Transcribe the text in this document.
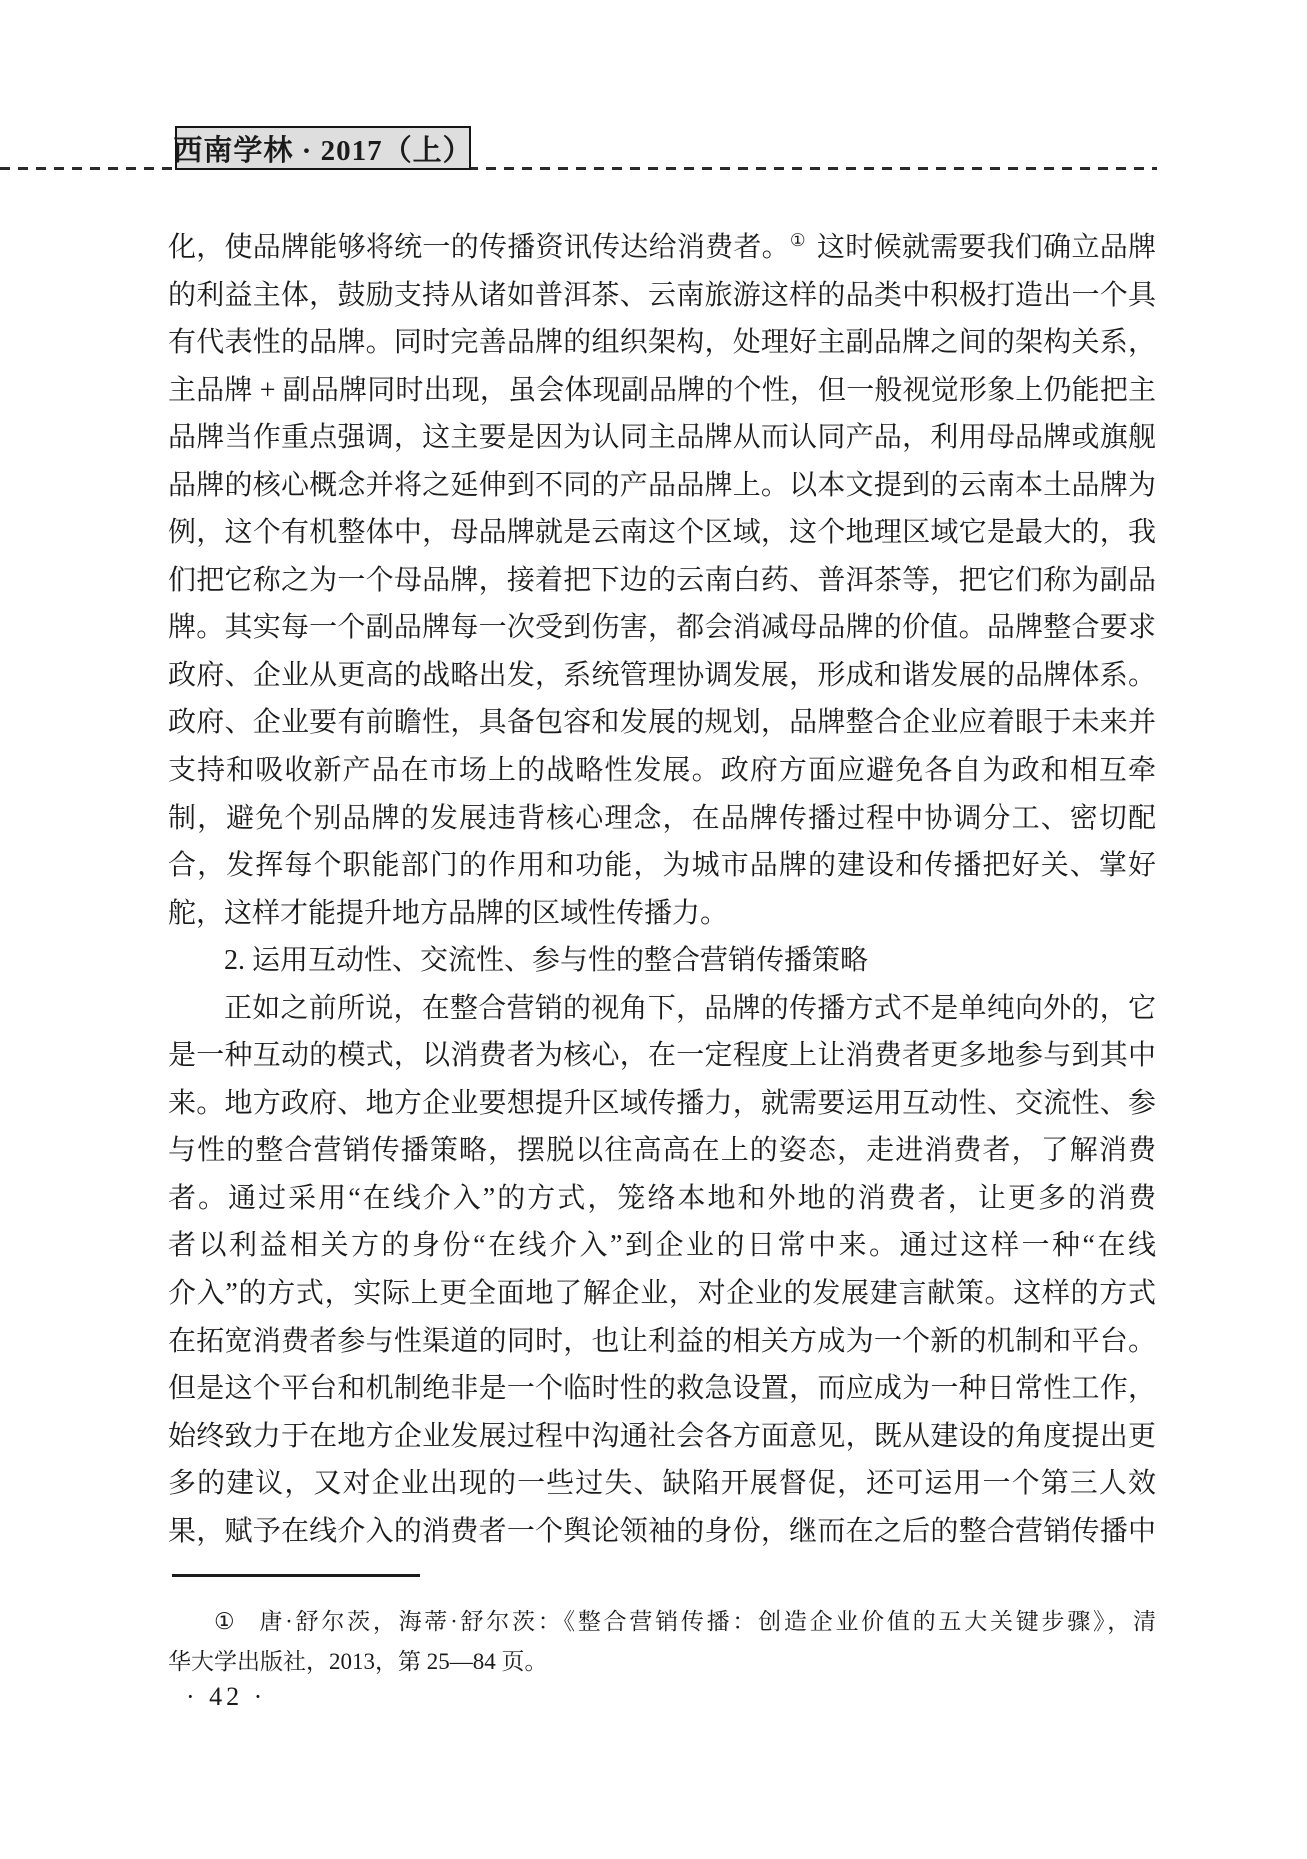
西南学林 · 2017（上）
化，使品牌能够将统一的传播资讯传达给消费者。① 这时候就需要我们确立品牌
的利益主体，鼓励支持从诸如普洱茶、云南旅游这样的品类中积极打造出一个具
有代表性的品牌。同时完善品牌的组织架构，处理好主副品牌之间的架构关系，
主品牌 + 副品牌同时出现，虽会体现副品牌的个性，但一般视觉形象上仍能把主
品牌当作重点强调，这主要是因为认同主品牌从而认同产品，利用母品牌或旗舰
品牌的核心概念并将之延伸到不同的产品品牌上。以本文提到的云南本土品牌为
例，这个有机整体中，母品牌就是云南这个区域，这个地理区域它是最大的，我
们把它称之为一个母品牌，接着把下边的云南白药、普洱茶等，把它们称为副品
牌。其实每一个副品牌每一次受到伤害，都会消减母品牌的价值。品牌整合要求
政府、企业从更高的战略出发，系统管理协调发展，形成和谐发展的品牌体系。
政府、企业要有前瞻性，具备包容和发展的规划，品牌整合企业应着眼于未来并
支持和吸收新产品在市场上的战略性发展。政府方面应避免各自为政和相互牵
制，避免个别品牌的发展违背核心理念，在品牌传播过程中协调分工、密切配
合，发挥每个职能部门的作用和功能，为城市品牌的建设和传播把好关、掌好
舵，这样才能提升地方品牌的区域性传播力。
2. 运用互动性、交流性、参与性的整合营销传播策略
正如之前所说，在整合营销的视角下，品牌的传播方式不是单纯向外的，它
是一种互动的模式，以消费者为核心，在一定程度上让消费者更多地参与到其中
来。地方政府、地方企业要想提升区域传播力，就需要运用互动性、交流性、参
与性的整合营销传播策略，摆脱以往高高在上的姿态，走进消费者，了解消费
者。通过采用“在线介入”的方式，笼络本地和外地的消费者，让更多的消费
者以利益相关方的身份“在线介入”到企业的日常中来。通过这样一种“在线
介入”的方式，实际上更全面地了解企业，对企业的发展建言献策。这样的方式
在拓宽消费者参与性渠道的同时，也让利益的相关方成为一个新的机制和平台。
但是这个平台和机制绝非是一个临时性的救急设置，而应成为一种日常性工作，
始终致力于在地方企业发展过程中沟通社会各方面意见，既从建设的角度提出更
多的建议，又对企业出现的一些过失、缺陷开展督促，还可运用一个第三人效
果，赋予在线介入的消费者一个舆论领袖的身份，继而在之后的整合营销传播中
① 唐·舒尔茨，海蒂·舒尔茨：《整合营销传播：创造企业价值的五大关键步骤》，清
华大学出版社，2013，第 25—84 页。
· 42 ·
